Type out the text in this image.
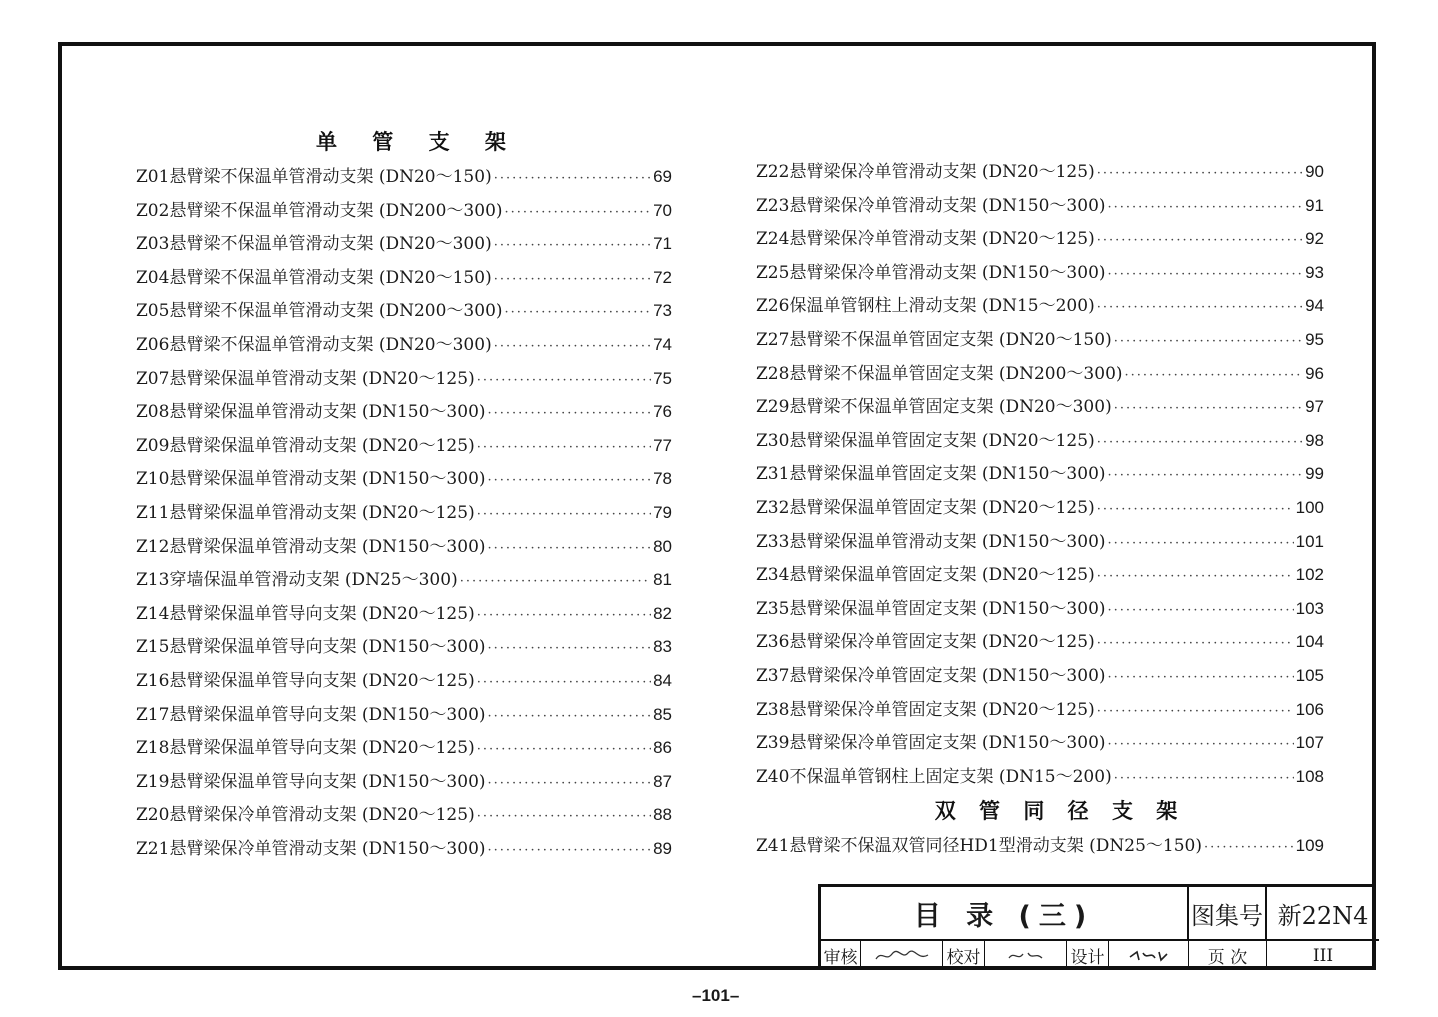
单 管 支 架
Z01悬臂梁不保温单管滑动支架 (DN20～150) ·····	69
Z02悬臂梁不保温单管滑动支架 (DN200～300) ·····	70
Z03悬臂梁不保温单管滑动支架 (DN20～300) ·····	71
Z04悬臂梁不保温单管滑动支架 (DN20～150) ·····	72
Z05悬臂梁不保温单管滑动支架 (DN200～300) ·····	73
Z06悬臂梁不保温单管滑动支架 (DN20～300) ·····	74
Z07悬臂梁保温单管滑动支架 (DN20～125) ·····	75
Z08悬臂梁保温单管滑动支架 (DN150～300) ·····	76
Z09悬臂梁保温单管滑动支架 (DN20～125) ·····	77
Z10悬臂梁保温单管滑动支架 (DN150～300) ·····	78
Z11悬臂梁保温单管滑动支架 (DN20～125) ·····	79
Z12悬臂梁保温单管滑动支架 (DN150～300) ·····	80
Z13穿墙保温单管滑动支架 (DN25～300) ·····	81
Z14悬臂梁保温单管导向支架 (DN20～125) ·····	82
Z15悬臂梁保温单管导向支架 (DN150～300) ·····	83
Z16悬臂梁保温单管导向支架 (DN20～125) ·····	84
Z17悬臂梁保温单管导向支架 (DN150～300) ·····	85
Z18悬臂梁保温单管导向支架 (DN20～125) ·····	86
Z19悬臂梁保温单管导向支架 (DN150～300) ·····	87
Z20悬臂梁保冷单管滑动支架 (DN20～125) ·····	88
Z21悬臂梁保冷单管滑动支架 (DN150～300) ·····	89
Z22悬臂梁保冷单管滑动支架 (DN20～125) ·····	90
Z23悬臂梁保冷单管滑动支架 (DN150～300) ·····	91
Z24悬臂梁保冷单管滑动支架 (DN20～125) ·····	92
Z25悬臂梁保冷单管滑动支架 (DN150～300) ·····	93
Z26保温单管钢柱上滑动支架 (DN15～200) ·····	94
Z27悬臂梁不保温单管固定支架 (DN20～150) ·····	95
Z28悬臂梁不保温单管固定支架 (DN200～300) ·····	96
Z29悬臂梁不保温单管固定支架 (DN20～300) ·····	97
Z30悬臂梁保温单管固定支架 (DN20～125) ·····	98
Z31悬臂梁保温单管固定支架 (DN150～300) ·····	99
Z32悬臂梁保温单管固定支架 (DN20～125) ·····	100
Z33悬臂梁保温单管滑动支架 (DN150～300) ·····	101
Z34悬臂梁保温单管固定支架 (DN20～125) ·····	102
Z35悬臂梁保温单管固定支架 (DN150～300) ·····	103
Z36悬臂梁保冷单管固定支架 (DN20～125) ·····	104
Z37悬臂梁保冷单管固定支架 (DN150～300) ·····	105
Z38悬臂梁保冷单管固定支架 (DN20～125) ·····	106
Z39悬臂梁保冷单管固定支架 (DN150～300) ·····	107
Z40不保温单管钢柱上固定支架 (DN15～200) ·····	108
双 管 同 径 支 架
Z41悬臂梁不保温双管同径HD1型滑动支架 (DN25～150) ·····	109
目 录 (三)	图集号 新22N4
审核	校对	设计	页 次	III
–101–
